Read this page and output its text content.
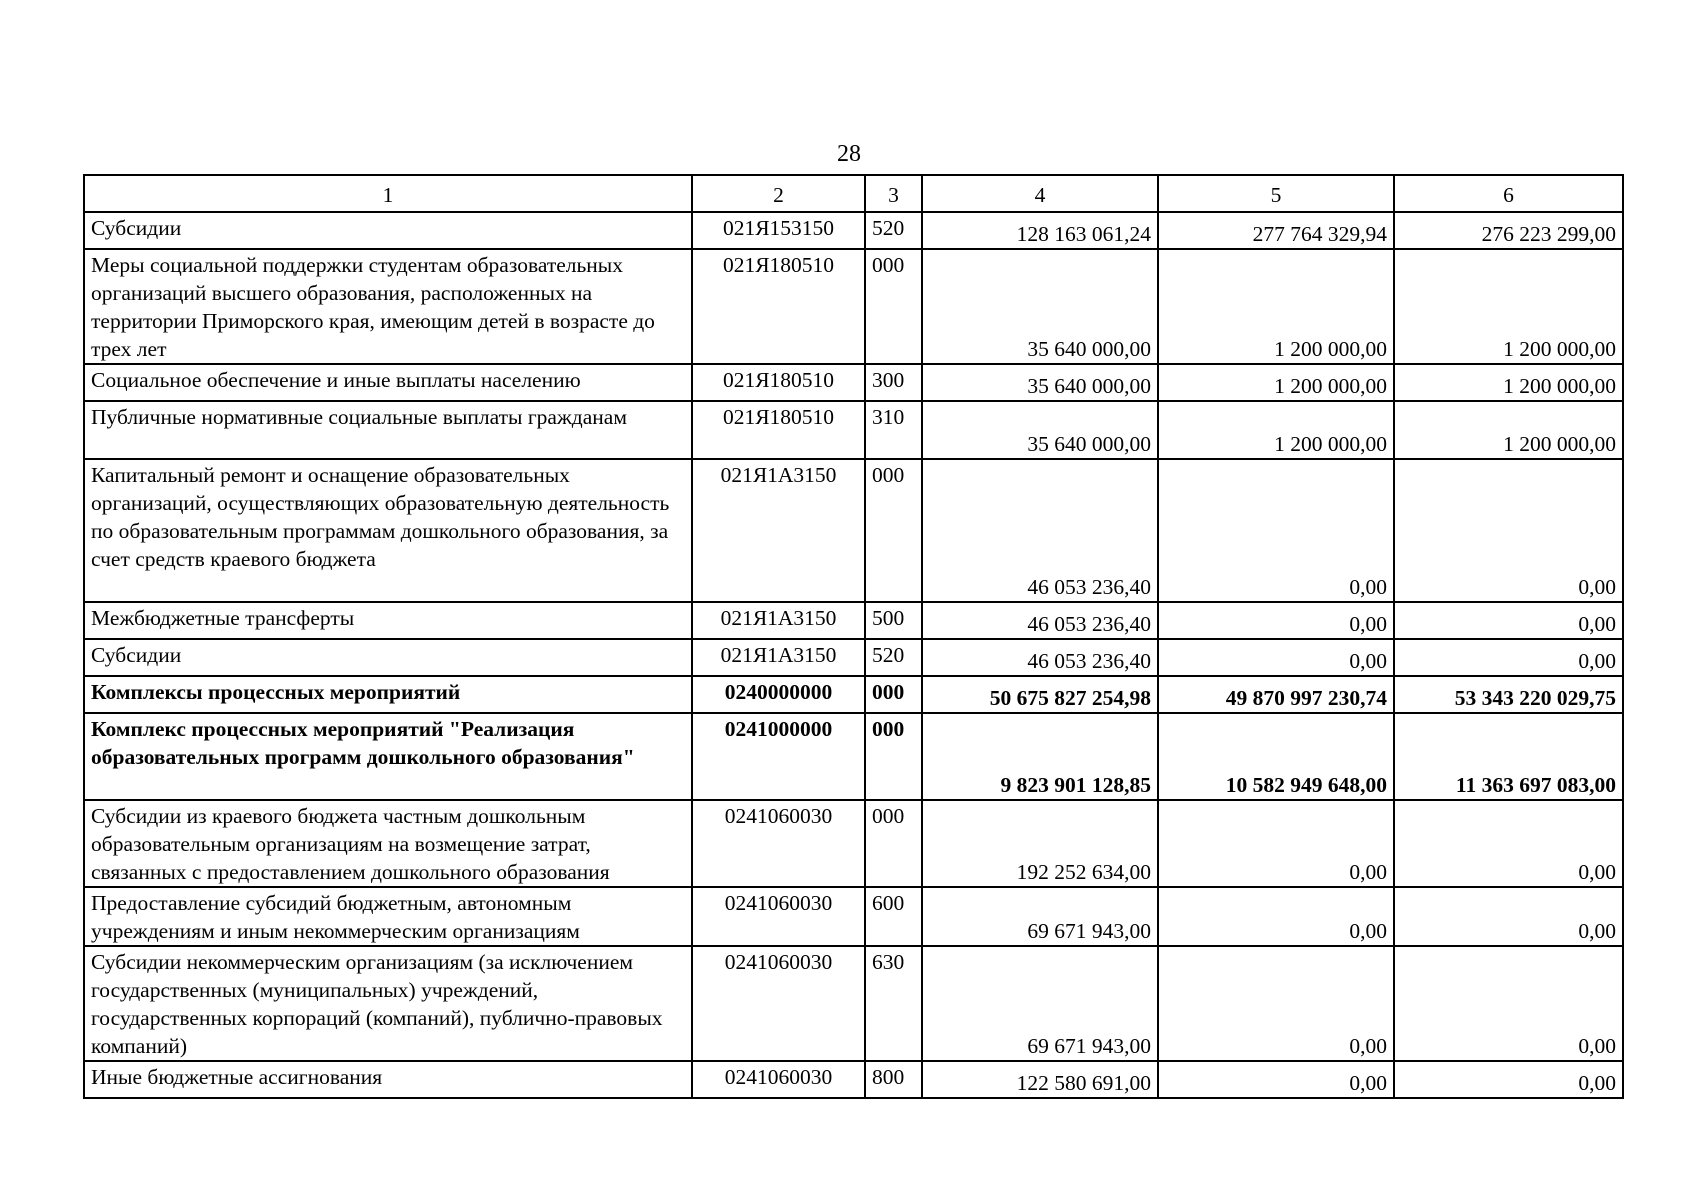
28
1	2	3	4	5	6
Субсидии	021Я153150	520	128 163 061,24	277 764 329,94	276 223 299,00
Меры социальной поддержки студентам образовательных организаций высшего образования, расположенных на территории Приморского края, имеющим детей в возрасте до трех лет	021Я180510	000	35 640 000,00	1 200 000,00	1 200 000,00
Социальное обеспечение и иные выплаты населению	021Я180510	300	35 640 000,00	1 200 000,00	1 200 000,00
Публичные нормативные социальные выплаты гражданам	021Я180510	310	35 640 000,00	1 200 000,00	1 200 000,00
Капитальный ремонт и оснащение образовательных организаций, осуществляющих образовательную деятельность по образовательным программам дошкольного образования, за счет средств краевого бюджета	021Я1А3150	000	46 053 236,40	0,00	0,00
Межбюджетные трансферты	021Я1А3150	500	46 053 236,40	0,00	0,00
Субсидии	021Я1А3150	520	46 053 236,40	0,00	0,00
Комплексы процессных мероприятий	0240000000	000	50 675 827 254,98	49 870 997 230,74	53 343 220 029,75
Комплекс процессных мероприятий "Реализация образовательных программ дошкольного образования"	0241000000	000	9 823 901 128,85	10 582 949 648,00	11 363 697 083,00
Субсидии из краевого бюджета частным дошкольным образовательным организациям на возмещение затрат, связанных с предоставлением дошкольного образования	0241060030	000	192 252 634,00	0,00	0,00
Предоставление субсидий бюджетным, автономным учреждениям и иным некоммерческим организациям	0241060030	600	69 671 943,00	0,00	0,00
Субсидии некоммерческим организациям (за исключением государственных (муниципальных) учреждений, государственных корпораций (компаний), публично-правовых компаний)	0241060030	630	69 671 943,00	0,00	0,00
Иные бюджетные ассигнования	0241060030	800	122 580 691,00	0,00	0,00
